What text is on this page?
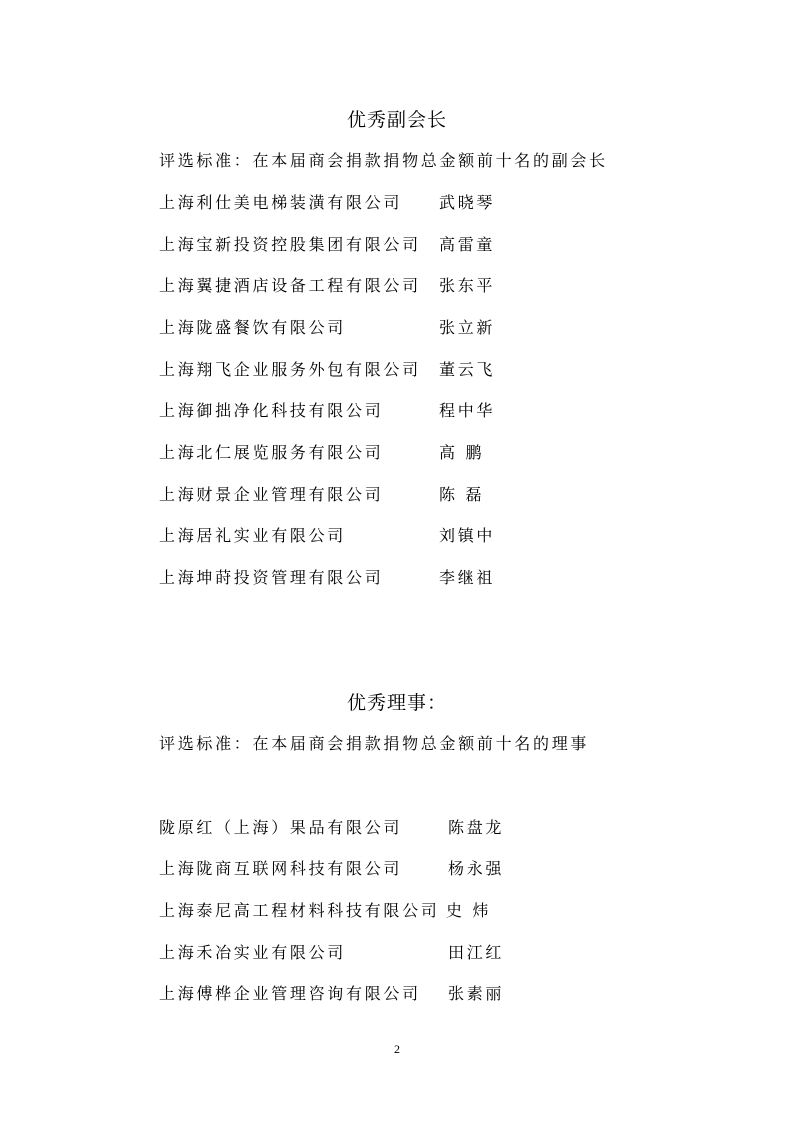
优秀副会长
评选标准：在本届商会捐款捐物总金额前十名的副会长
上海利仕美电梯装潢有限公司 武晓琴
上海宝新投资控股集团有限公司 高雷童
上海翼捷酒店设备工程有限公司 张东平
上海陇盛餐饮有限公司	张立新
上海翔飞企业服务外包有限公司 董云飞
上海御拙净化科技有限公司	程中华
上海北仁展览服务有限公司	高 鹏
上海财景企业管理有限公司	陈 磊
上海居礼实业有限公司	刘镇中
上海坤莳投资管理有限公司	李继祖
优秀理事：
评选标准：在本届商会捐款捐物总金额前十名的理事
陇原红（上海）果品有限公司	陈盘龙
上海陇商互联网科技有限公司	杨永强
上海泰尼高工程材料科技有限公司 史 炜
上海禾冶实业有限公司	田江红
上海傅桦企业管理咨询有限公司 张素丽
2
